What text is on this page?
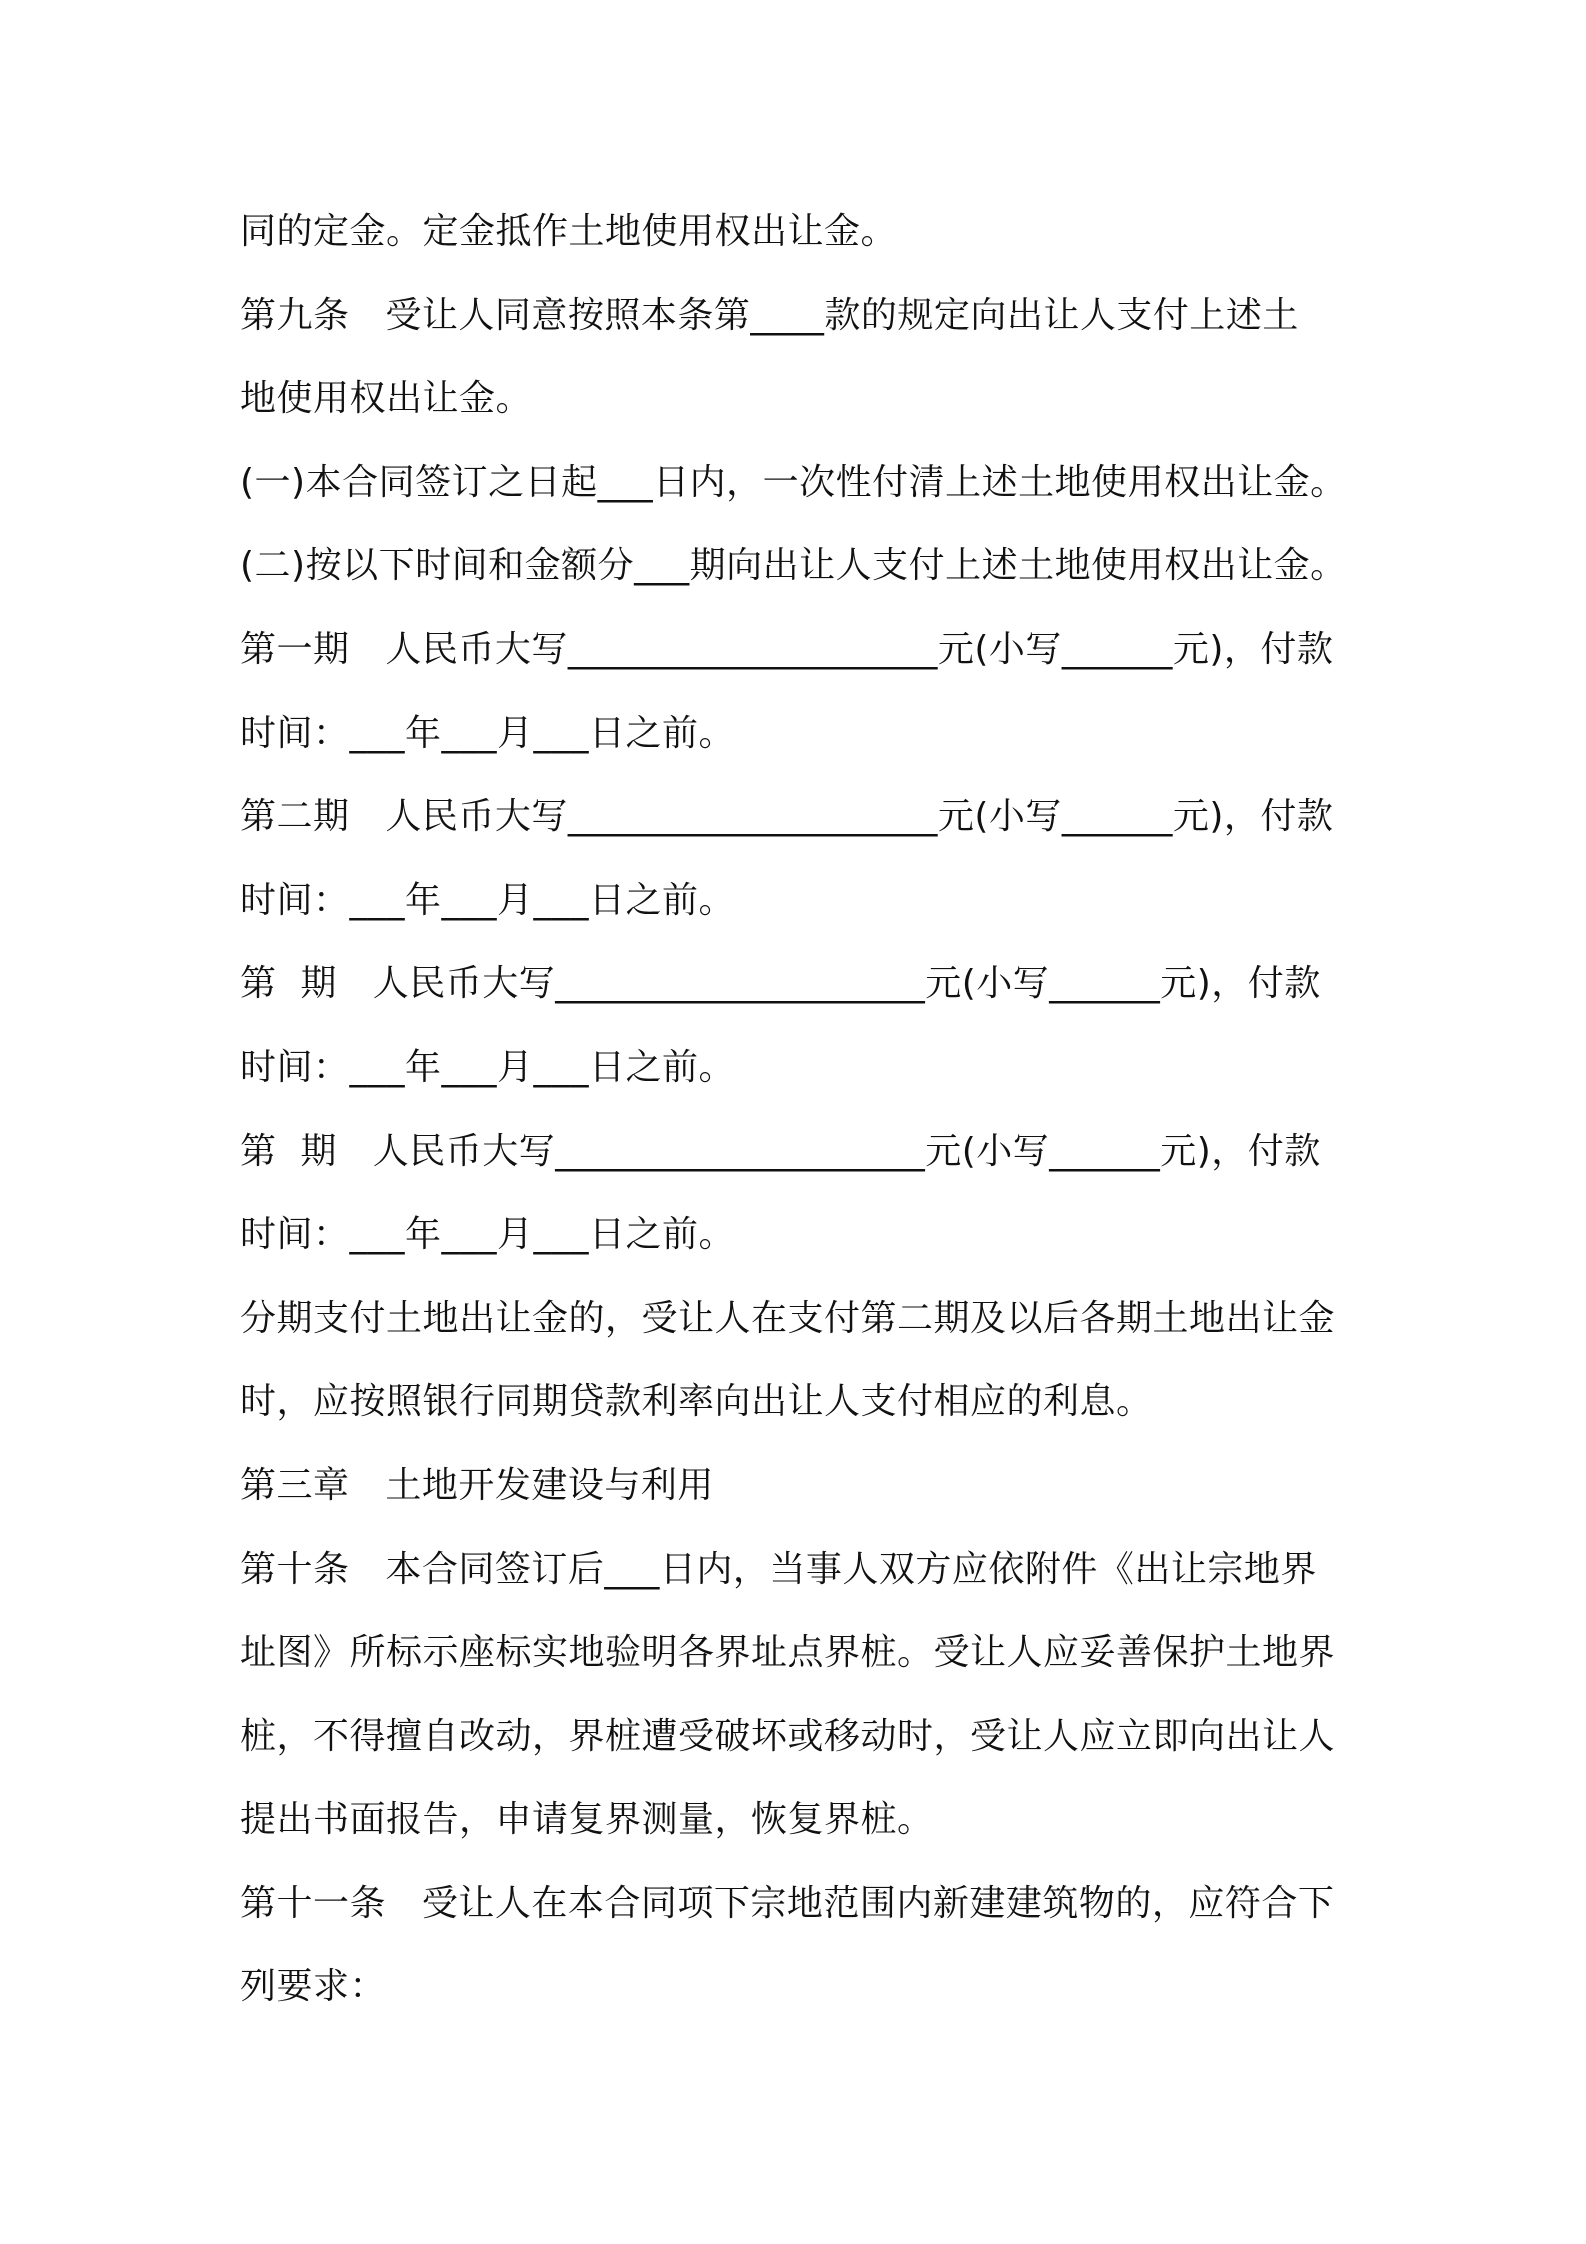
同的定金。定金抵作土地使用权出让金。
第九条   受让人同意按照本条第____款的规定向出让人支付上述土
地使用权出让金。
(一)本合同签订之日起___日内，一次性付清上述土地使用权出让金。
(二)按以下时间和金额分___期向出让人支付上述土地使用权出让金。
第一期   人民币大写____________________元(小写______元)，付款
时间：___年___月___日之前。
第二期   人民币大写____________________元(小写______元)，付款
时间：___年___月___日之前。
第  期   人民币大写____________________元(小写______元)，付款
时间：___年___月___日之前。
第  期   人民币大写____________________元(小写______元)，付款
时间：___年___月___日之前。
分期支付土地出让金的，受让人在支付第二期及以后各期土地出让金
时，应按照银行同期贷款利率向出让人支付相应的利息。
第三章   土地开发建设与利用
第十条   本合同签订后___日内，当事人双方应依附件《出让宗地界
址图》所标示座标实地验明各界址点界桩。受让人应妥善保护土地界
桩，不得擅自改动，界桩遭受破坏或移动时，受让人应立即向出让人
提出书面报告，申请复界测量，恢复界桩。
第十一条   受让人在本合同项下宗地范围内新建建筑物的，应符合下
列要求：
